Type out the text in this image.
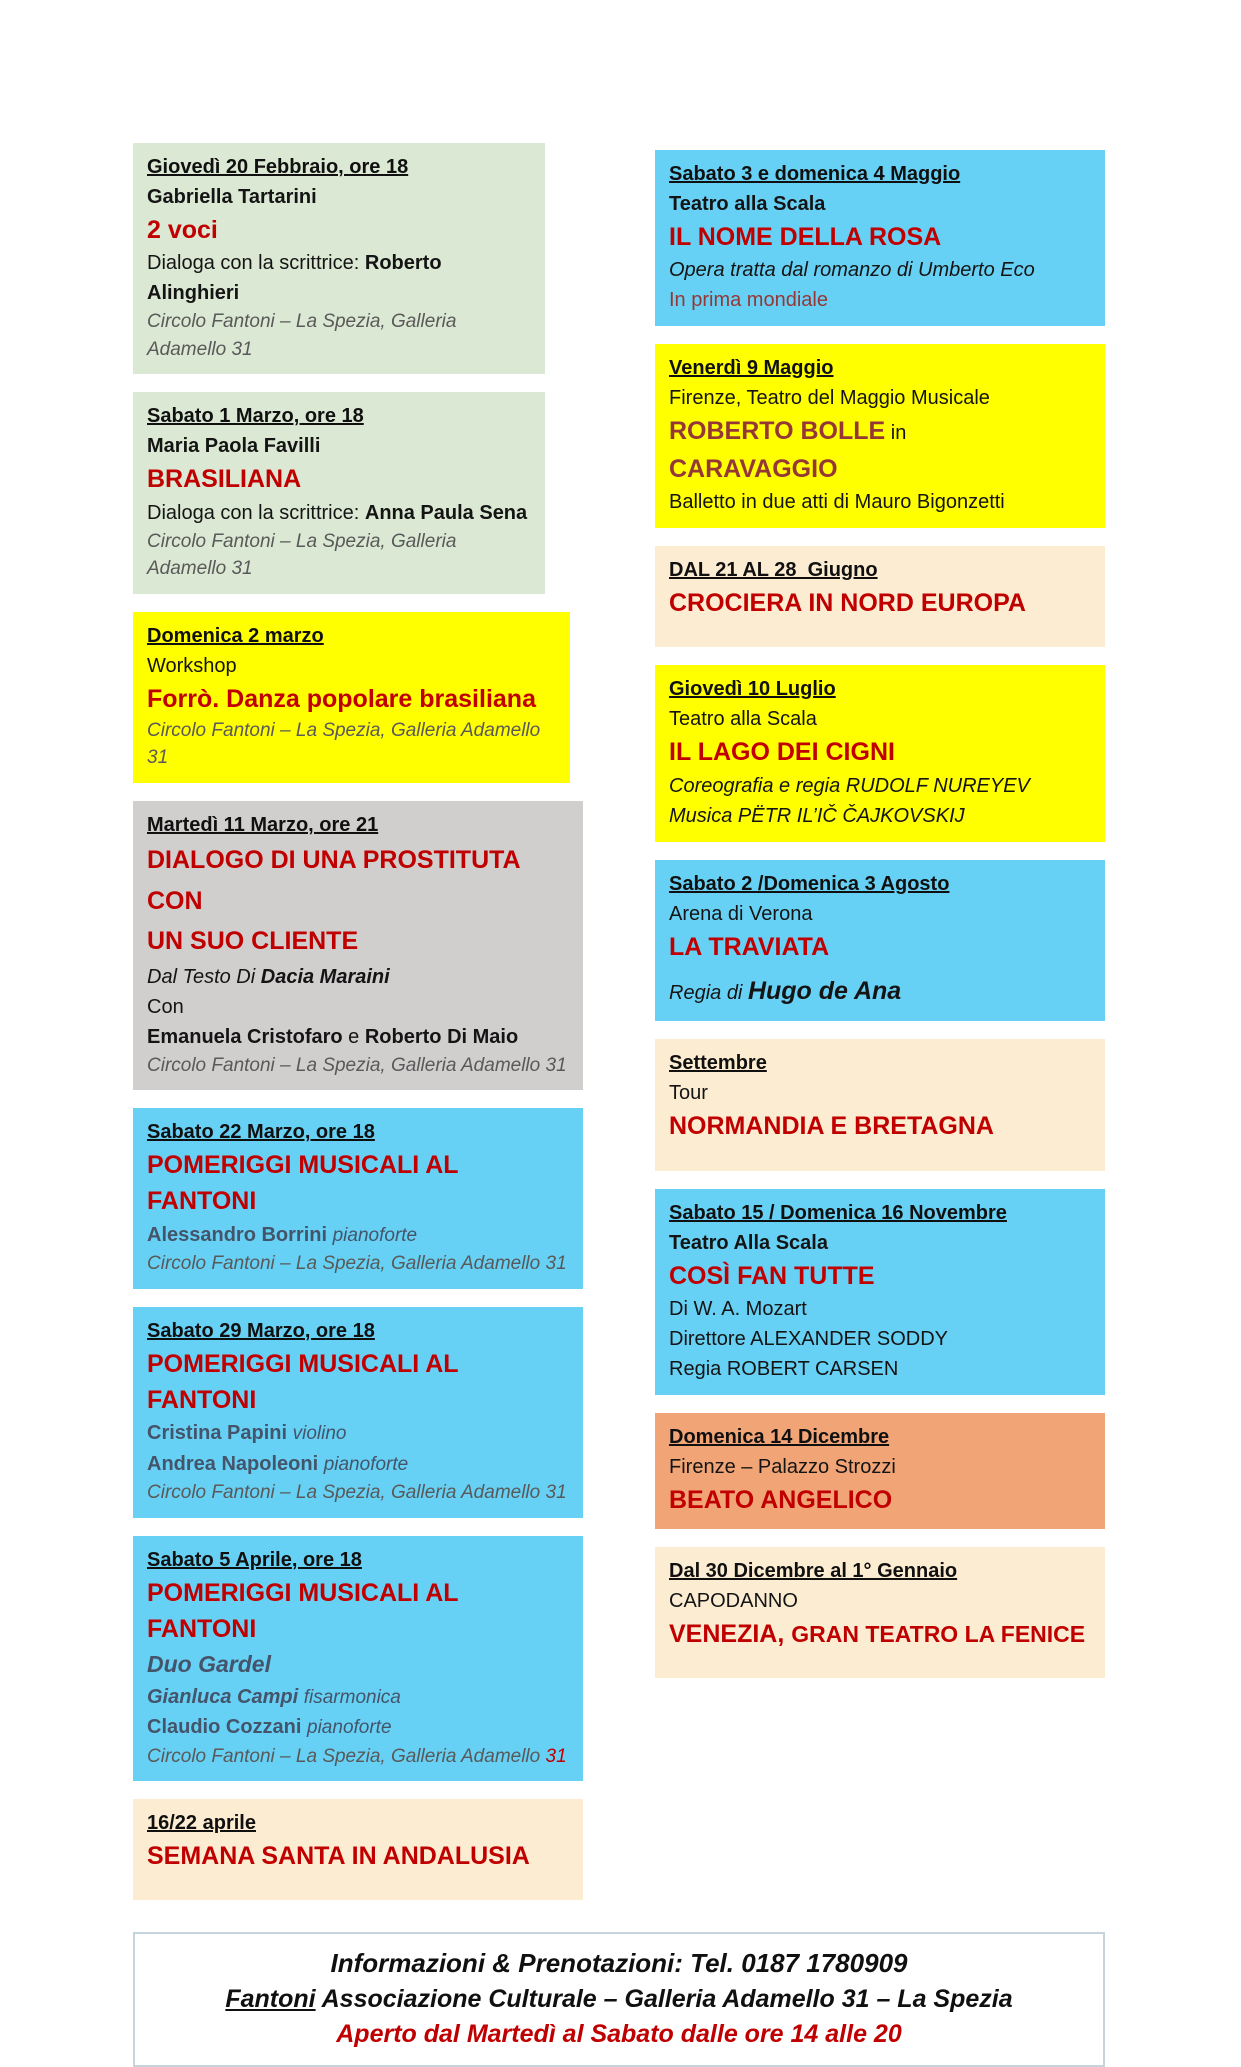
Giovedì 20 Febbraio, ore 18
Gabriella Tartarini
2 voci
Dialoga con la scrittrice: Roberto Alinghieri
Circolo Fantoni – La Spezia, Galleria Adamello 31
Sabato 1 Marzo, ore 18
Maria Paola Favilli
BRASILIANA
Dialoga con la scrittrice: Anna Paula Sena
Circolo Fantoni – La Spezia, Galleria Adamello 31
Domenica 2 marzo
Workshop
Forrò. Danza popolare brasiliana
Circolo Fantoni – La Spezia, Galleria Adamello 31
Martedì 11 Marzo, ore 21
DIALOGO DI UNA PROSTITUTA CON
UN SUO CLIENTE
Dal Testo Di Dacia Maraini
Con
Emanuela Cristofaro e Roberto Di Maio
Circolo Fantoni – La Spezia, Galleria Adamello 31
Sabato 22 Marzo, ore 18
POMERIGGI MUSICALI AL FANTONI
Alessandro Borrini pianoforte
Circolo Fantoni – La Spezia, Galleria Adamello 31
Sabato 29 Marzo, ore 18
POMERIGGI MUSICALI AL FANTONI
Cristina Papini violino
Andrea Napoleoni pianoforte
Circolo Fantoni – La Spezia, Galleria Adamello 31
Sabato 5 Aprile, ore 18
POMERIGGI MUSICALI AL FANTONI
Duo Gardel
Gianluca Campi fisarmonica
Claudio Cozzani pianoforte
Circolo Fantoni – La Spezia, Galleria Adamello 31
16/22 aprile
SEMANA SANTA IN ANDALUSIA
Sabato 3 e domenica 4 Maggio
Teatro alla Scala
IL NOME DELLA ROSA
Opera tratta dal romanzo di Umberto Eco
In prima mondiale
Venerdì 9 Maggio
Firenze, Teatro del Maggio Musicale
ROBERTO BOLLE in
CARAVAGGIO
Balletto in due atti di Mauro Bigonzetti
DAL 21 AL 28  Giugno
CROCIERA IN NORD EUROPA
Giovedì 10 Luglio
Teatro alla Scala
IL LAGO DEI CIGNI
Coreografia e regia RUDOLF NUREYEV
Musica PËTR IL’IČ ČAJKOVSKIJ
Sabato 2 /Domenica 3 Agosto
Arena di Verona
LA TRAVIATA
Regia di Hugo de Ana
Settembre
Tour
NORMANDIA E BRETAGNA
Sabato 15 / Domenica 16 Novembre
Teatro Alla Scala
COSÌ FAN TUTTE
Di W. A. Mozart
Direttore ALEXANDER SODDY
Regia ROBERT CARSEN
Domenica 14 Dicembre
Firenze – Palazzo Strozzi
BEATO ANGELICO
Dal 30 Dicembre al 1° Gennaio
CAPODANNO
VENEZIA, GRAN TEATRO LA FENICE
Informazioni & Prenotazioni: Tel. 0187 1780909
Fantoni Associazione Culturale – Galleria Adamello 31 – La Spezia
Aperto dal Martedì al Sabato dalle ore 14 alle 20
